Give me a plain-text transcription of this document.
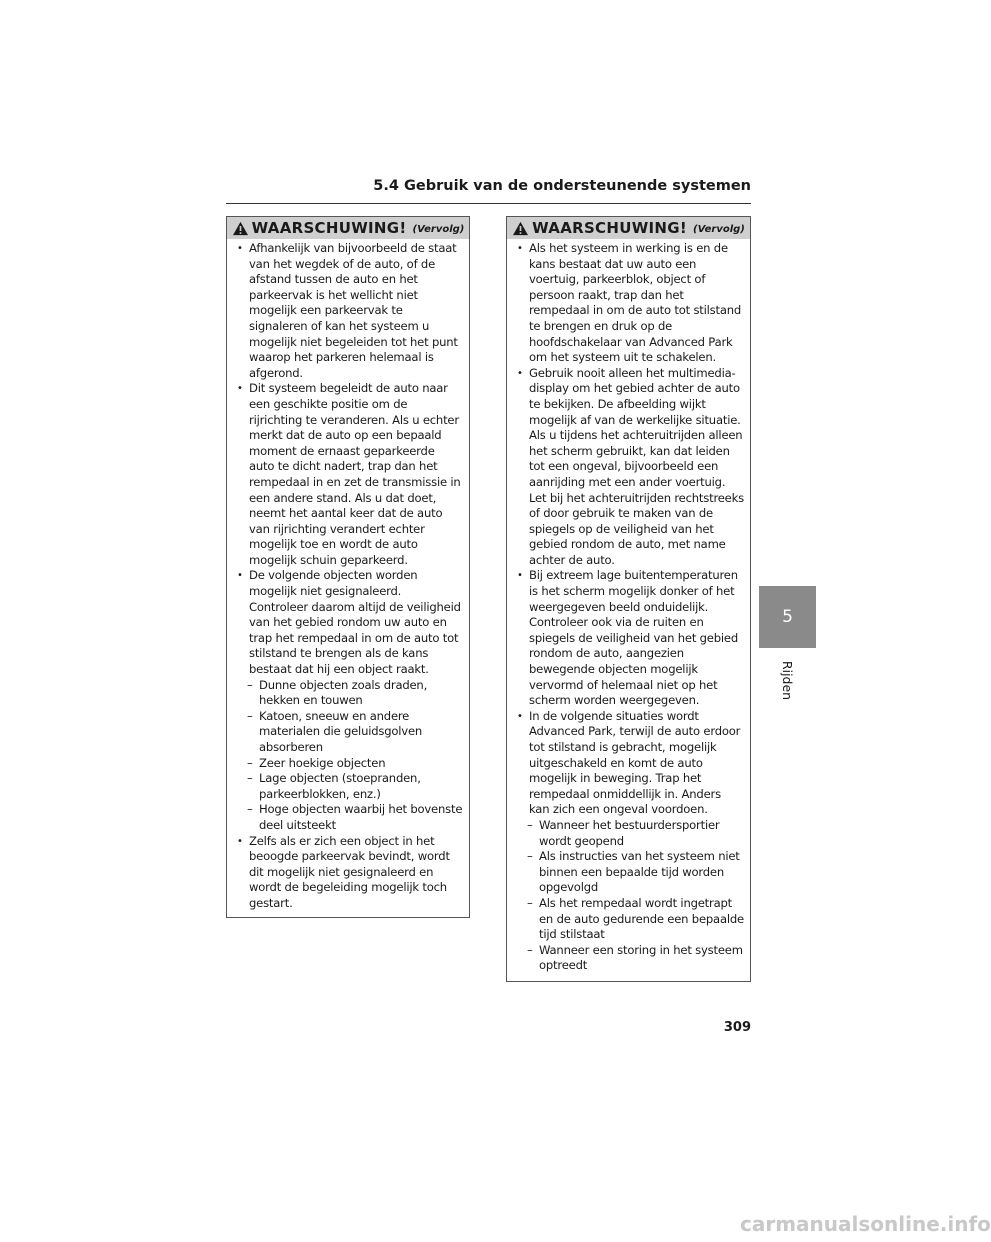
5.4 Gebruik van de ondersteunende systemen
WAARSCHUWING! (Vervolg)

• Afhankelijk van bijvoorbeeld de staat van het wegdek of de auto, of de afstand tussen de auto en het parkeervak is het wellicht niet mogelijk een parkeervak te signaleren of kan het systeem u mogelijk niet begeleiden tot het punt waarop het parkeren helemaal is afgerond.

• Dit systeem begeleidt de auto naar een geschikte positie om de rijrichting te veranderen. Als u echter merkt dat de auto op een bepaald moment de ernaast geparkeerde auto te dicht nadert, trap dan het rempedaal in en zet de transmissie in een andere stand. Als u dat doet, neemt het aantal keer dat de auto van rijrichting verandert echter mogelijk toe en wordt de auto mogelijk schuin geparkeerd.

• De volgende objecten worden mogelijk niet gesignaleerd. Controleer daarom altijd de veiligheid van het gebied rondom uw auto en trap het rempedaal in om de auto tot stilstand te brengen als de kans bestaat dat hij een object raakt.

– Dunne objecten zoals draden, hekken en touwen

– Katoen, sneeuw en andere materialen die geluidsgolven absorberen

– Zeer hoekige objecten

– Lage objecten (stoepranden, parkeerblokken, enz.)

– Hoge objecten waarbij het bovenste deel uitsteekt

• Zelfs als er zich een object in het beoogde parkeervak bevindt, wordt dit mogelijk niet gesignaleerd en wordt de begeleiding mogelijk toch gestart.

WAARSCHUWING! (Vervolg)

• Als het systeem in werking is en de kans bestaat dat uw auto een voertuig, parkeerblok, object of persoon raakt, trap dan het rempedaal in om de auto tot stilstand te brengen en druk op de hoofdschakelaar van Advanced Park om het systeem uit te schakelen.

• Gebruik nooit alleen het multimedia-display om het gebied achter de auto te bekijken. De afbeelding wijkt mogelijk af van de werkelijke situatie. Als u tijdens het achteruitrijden alleen het scherm gebruikt, kan dat leiden tot een ongeval, bijvoorbeeld een aanrijding met een ander voertuig. Let bij het achteruitrijden rechtstreeks of door gebruik te maken van de spiegels op de veiligheid van het gebied rondom de auto, met name achter de auto.

• Bij extreem lage buitentemperaturen is het scherm mogelijk donker of het weergegeven beeld onduidelijk. Controleer ook via de ruiten en spiegels de veiligheid van het gebied rondom de auto, aangezien bewegende objecten mogelijk vervormd of helemaal niet op het scherm worden weergegeven.

• In de volgende situaties wordt Advanced Park, terwijl de auto erdoor tot stilstand is gebracht, mogelijk uitgeschakeld en komt de auto mogelijk in beweging. Trap het rempedaal onmiddellijk in. Anders kan zich een ongeval voordoen.

– Wanneer het bestuurdersportier wordt geopend

– Als instructies van het systeem niet binnen een bepaalde tijd worden opgevolgd

– Als het rempedaal wordt ingetrapt en de auto gedurende een bepaalde tijd stilstaat

– Wanneer een storing in het systeem optreedt

5
Rijden
309
carmanualsonline.info
